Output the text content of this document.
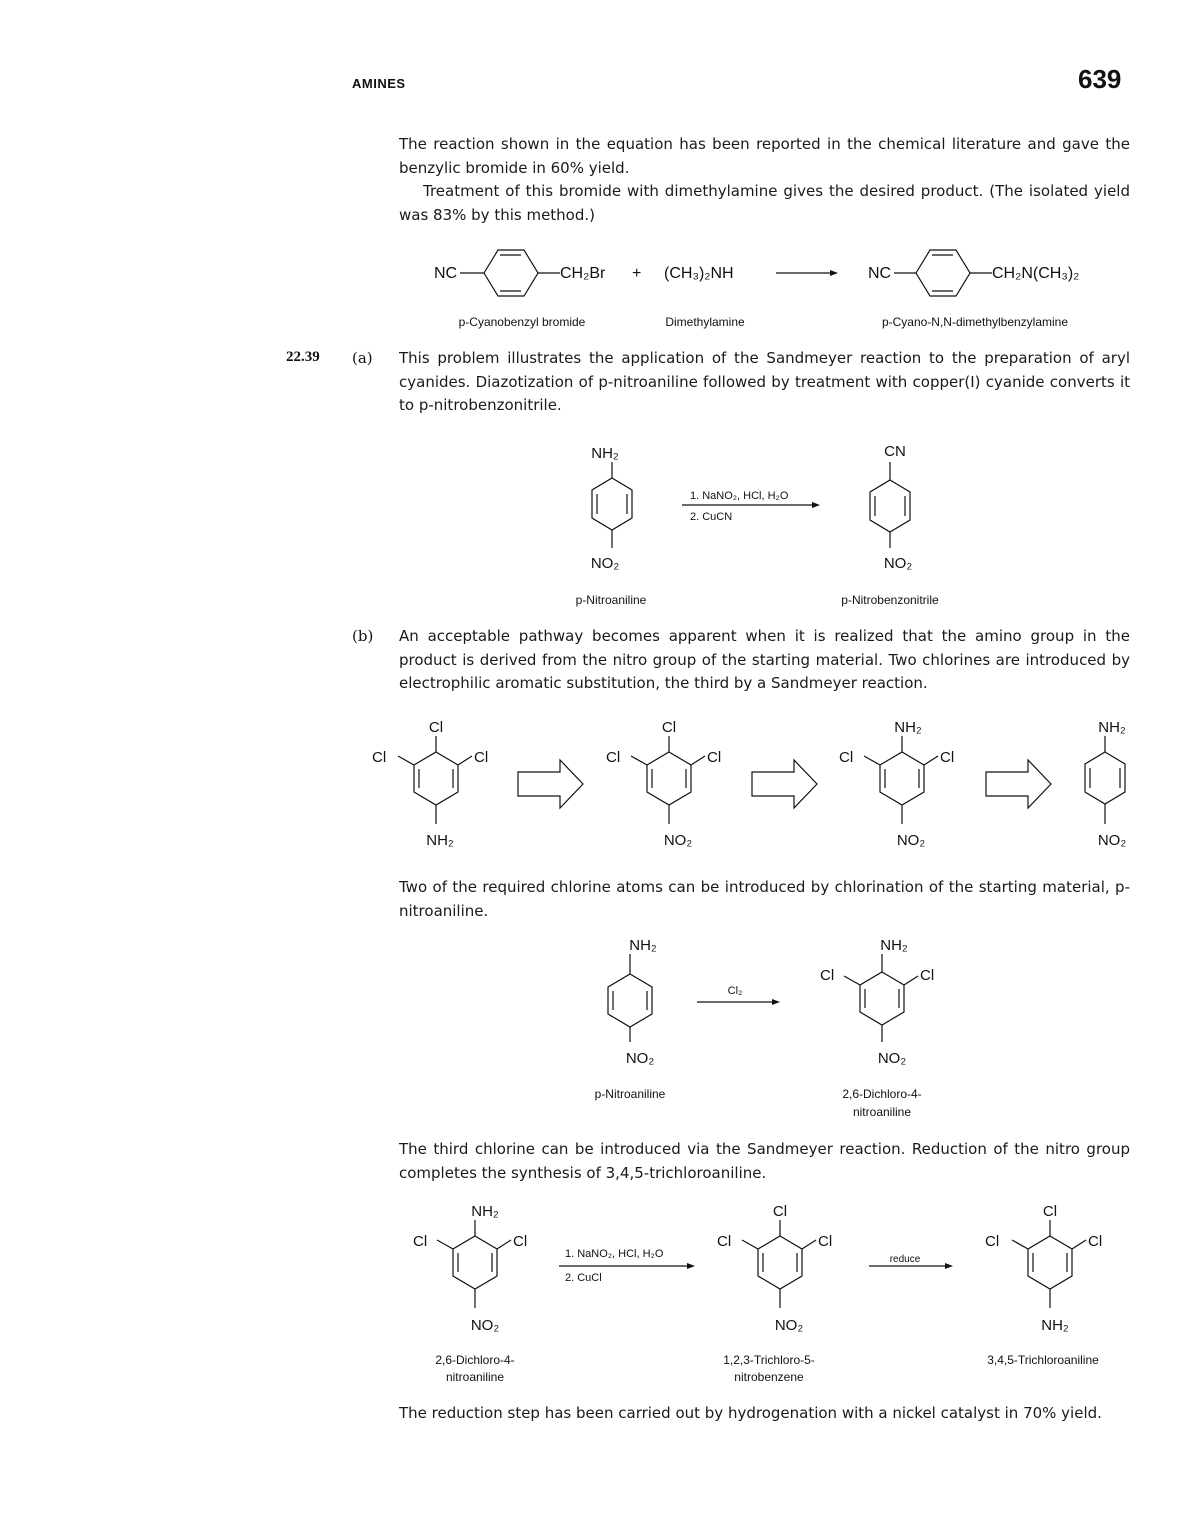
AMINES	639

The reaction shown in the equation has been reported in the chemical literature and gave the benzylic bromide in 60% yield.

Treatment of this bromide with dimethylamine gives the desired product. (The isolated yield was 83% by this method.)

NC	CH₂Br + (CH₃)₂NH	NC	CH₂N(CH₃)₂
p-Cyanobenzyl bromide	Dimethylamine	p-Cyano-N,N-dimethylbenzylamine
22.39 (a) This problem illustrates the application of the Sandmeyer reaction to the preparation of aryl cyanides. Diazotization of p-nitroaniline followed by treatment with copper(I) cyanide converts it to p-nitrobenzonitrile.

NH₂
NO₂
1. NaNO₂, HCl, H₂O
2. CuCN
CN
NO₂
p-Nitroaniline	p-Nitrobenzonitrile
(b) An acceptable pathway becomes apparent when it is realized that the amino group in the product is derived from the nitro group of the starting material. Two chlorines are introduced by electrophilic aromatic substitution, the third by a Sandmeyer reaction.

Cl
Cl	Cl
NH₂
Cl
Cl	Cl
NO₂
NH₂
Cl	Cl
NO₂
NH₂
NO₂

Two of the required chlorine atoms can be introduced by chlorination of the starting material, p-nitroaniline.

NH₂
NO₂
Cl₂
NH₂
Cl	Cl
NO₂
p-Nitroaniline	2,6-Dichloro-4-
nitroaniline

The third chlorine can be introduced via the Sandmeyer reaction. Reduction of the nitro group completes the synthesis of 3,4,5-trichloroaniline.

NH₂
Cl	Cl
NO₂
1. NaNO₂, HCl, H₂O
2. CuCl
Cl
Cl	Cl
NO₂
reduce
Cl
Cl	Cl
NH₂
2,6-Dichloro-4-
nitroaniline
1,2,3-Trichloro-5-
nitrobenzene
3,4,5-Trichloroaniline

The reduction step has been carried out by hydrogenation with a nickel catalyst in 70% yield.
